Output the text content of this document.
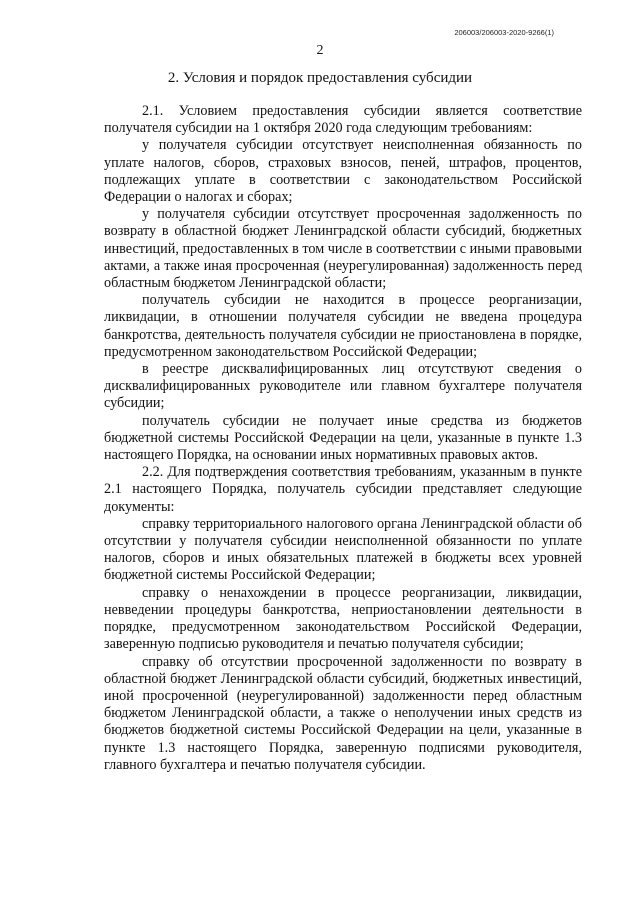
206003/206003-2020-9266(1)
2
2. Условия и порядок предоставления субсидии

2.1. Условием предоставления субсидии является соответствие получателя субсидии на 1 октября 2020 года следующим требованиям:

у получателя субсидии отсутствует неисполненная обязанность по уплате налогов, сборов, страховых взносов, пеней, штрафов, процентов, подлежащих уплате в соответствии с законодательством Российской Федерации о налогах и сборах;

у получателя субсидии отсутствует просроченная задолженность по возврату в областной бюджет Ленинградской области субсидий, бюджетных инвестиций, предоставленных в том числе в соответствии с иными правовыми актами, а также иная просроченная (неурегулированная) задолженность перед областным бюджетом Ленинградской области;

получатель субсидии не находится в процессе реорганизации, ликвидации, в отношении получателя субсидии не введена процедура банкротства, деятельность получателя субсидии не приостановлена в порядке, предусмотренном законодательством Российской Федерации;

в реестре дисквалифицированных лиц отсутствуют сведения о дисквалифицированных руководителе или главном бухгалтере получателя субсидии;

получатель субсидии не получает иные средства из бюджетов бюджетной системы Российской Федерации на цели, указанные в пункте 1.3 настоящего Порядка, на основании иных нормативных правовых актов.

2.2. Для подтверждения соответствия требованиям, указанным в пункте 2.1 настоящего Порядка, получатель субсидии представляет следующие документы:

справку территориального налогового органа Ленинградской области об отсутствии у получателя субсидии неисполненной обязанности по уплате налогов, сборов и иных обязательных платежей в бюджеты всех уровней бюджетной системы Российской Федерации;

справку о ненахождении в процессе реорганизации, ликвидации, невведении процедуры банкротства, неприостановлении деятельности в порядке, предусмотренном законодательством Российской Федерации, заверенную подписью руководителя и печатью получателя субсидии;

справку об отсутствии просроченной задолженности по возврату в областной бюджет Ленинградской области субсидий, бюджетных инвестиций, иной просроченной (неурегулированной) задолженности перед областным бюджетом Ленинградской области, а также о неполучении иных средств из бюджетов бюджетной системы Российской Федерации на цели, указанные в пункте 1.3 настоящего Порядка, заверенную подписями руководителя, главного бухгалтера и печатью получателя субсидии.
